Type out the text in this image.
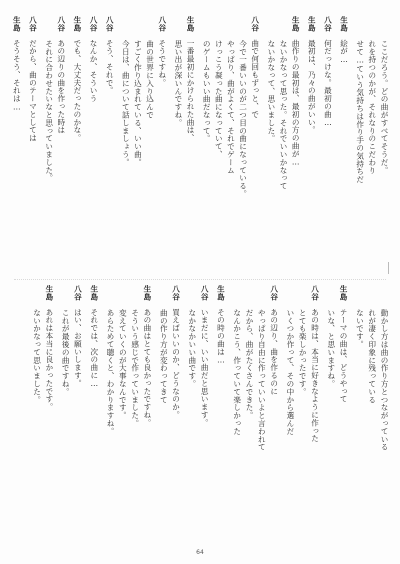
　　　ここだろう。どの曲がすべてそうだ。
　　　れを持つのかが、それなりのこだわり
　　　せて…ていう気持ちは作り手の気持ちだ
生島　絵が…
八谷　何だっけな。最初の曲…
生島　最初は、乃々の曲がいい。
生島　曲作りの最初は、最初の方の曲が…
　　　ないかなって思った。それでいいかなって
　　　ないかなって、思いました。
八谷　曲で何回もずっと、で
　　　今で一番いいのが二つ目の曲になっている。
　　　やっぱり、曲がよくて、それでゲーム
　　　けっこう凝った曲になっていて、
　　　のゲームもいい曲だなって。
生島　一番最初にかけられた曲は、
　　　思い出が深いんですね。
八谷　そうですね。
　　　曲の世界に入り込んで
　　　すごく作り込まれている、いい曲。
　　　今日は、曲について話しましょう。
八谷　そう、それで。
八谷　なんか、そういう
生島　でも、大丈夫だったのかな。
八谷　あの辺りの曲を作った時は
　　　それに合わせたいなと思っていました。
八谷　だから、曲のテーマとしては
生島　そうそう、それは…
　　　動かし方は曲の作り方とつながっている
　　　れが凄く印象に残っている
　　　ないです。
生島　テーマの曲は、どうやって
　　　いな、と思いますね。
八谷　あの時は、本当に好きなように作った
　　　とても楽しかったです。
　　　いくつか作って、その中から選んだ
八谷　あの辺り、曲を作るのに
　　　やっぱり自由に作っていいよと言われて
　　　だから、曲がたくさんできた。
　　　なんかこう、作っていて楽しかった
生島　その時の曲は…
八谷　いまだに、いい曲だと思います。
　　　なかなかいい曲です。
八谷　買えばいいのか、どうなのか。
　　　曲の作り方が変わってきて
生島　あの曲はとても良かったですね。
　　　そういう感じで作っていました。
　　　変えていくのが大事なんです。
　　　あらためて聴くと、わかりますね。
生島　それでは、次の曲に…
八谷　はい、お願いします。
　　　これが最後の曲ですね。
生島　あれは本当に良かったです。
　　　ないかなって思いました。
64
